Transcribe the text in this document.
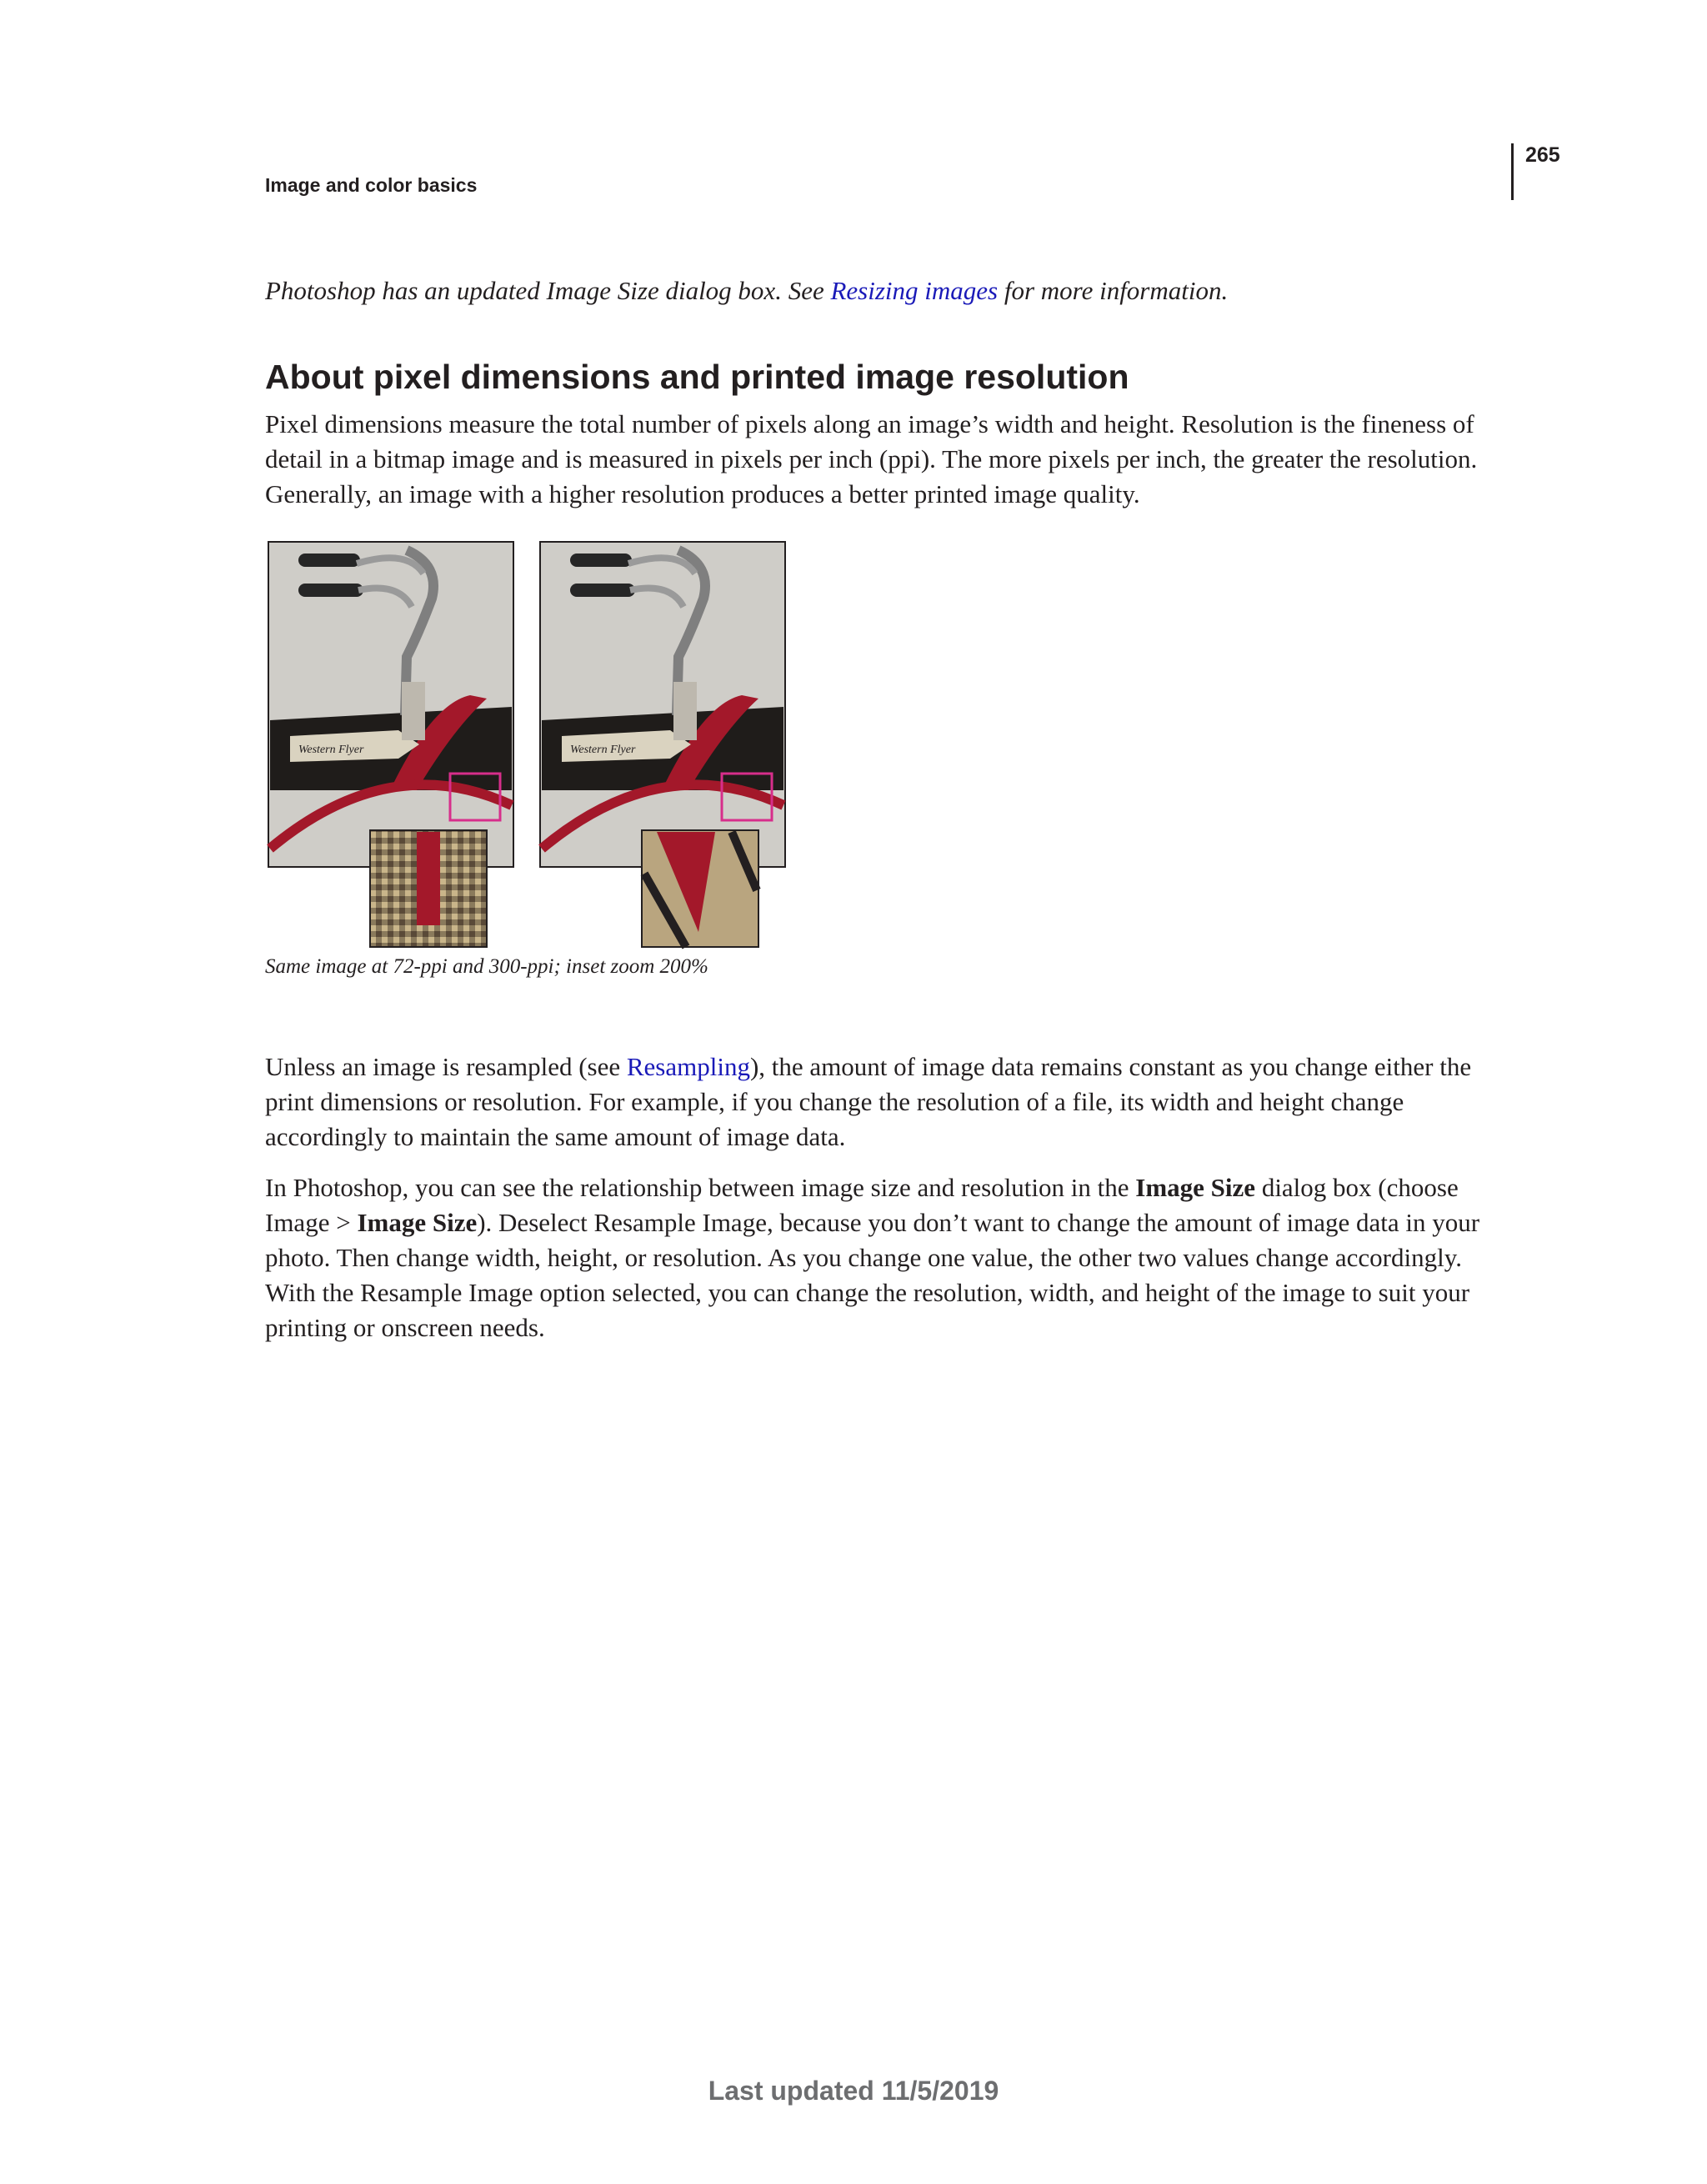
265
Image and color basics
Photoshop has an updated Image Size dialog box. See Resizing images for more information.
About pixel dimensions and printed image resolution

Pixel dimensions measure the total number of pixels along an image’s width and height. Resolution is the fineness of detail in a bitmap image and is measured in pixels per inch (ppi). The more pixels per inch, the greater the resolution. Generally, an image with a higher resolution produces a better printed image quality.

Western Flyer	Western Flyer
Same image at 72-ppi and 300-ppi; inset zoom 200%

Unless an image is resampled (see Resampling), the amount of image data remains constant as you change either the print dimensions or resolution. For example, if you change the resolution of a file, its width and height change accordingly to maintain the same amount of image data.

In Photoshop, you can see the relationship between image size and resolution in the Image Size dialog box (choose Image > Image Size). Deselect Resample Image, because you don’t want to change the amount of image data in your photo. Then change width, height, or resolution. As you change one value, the other two values change accordingly. With the Resample Image option selected, you can change the resolution, width, and height of the image to suit your printing or onscreen needs.

Last updated 11/5/2019
